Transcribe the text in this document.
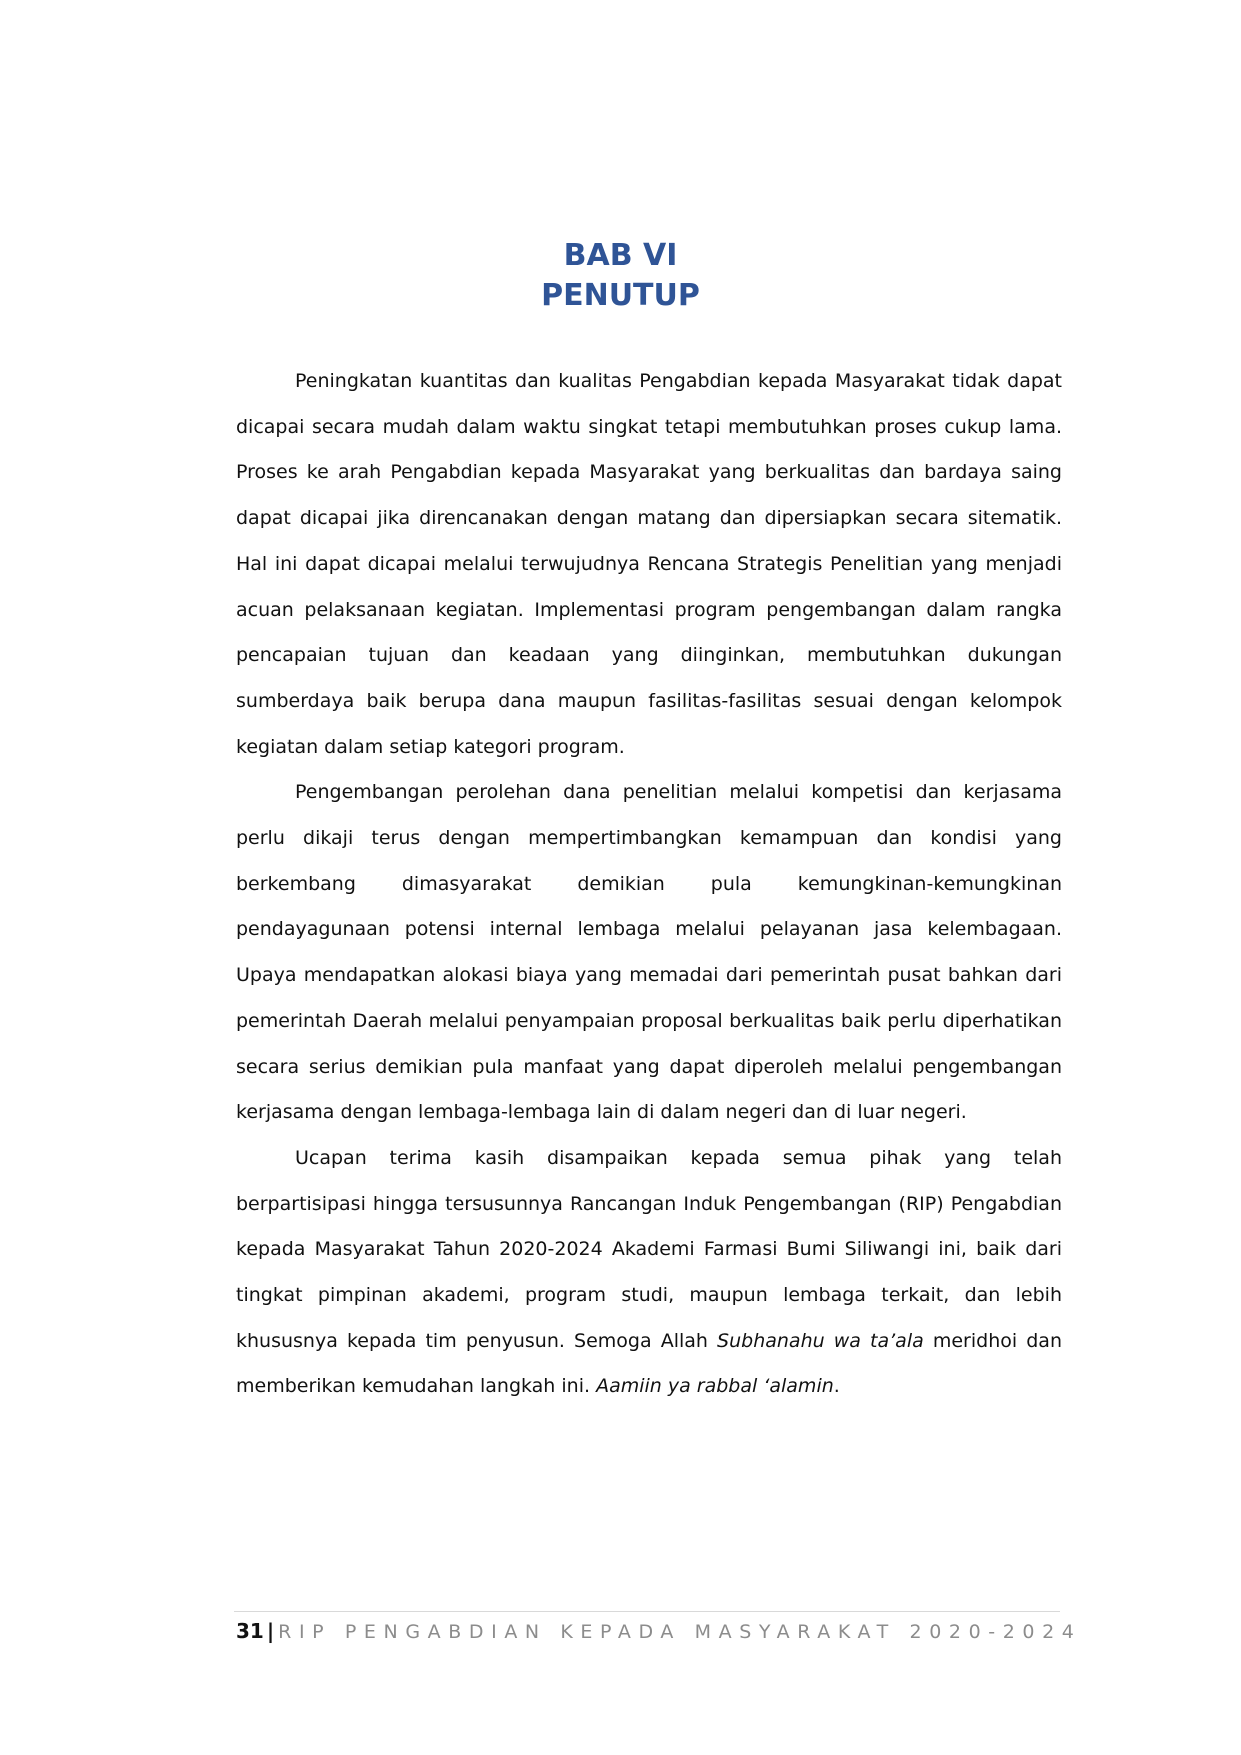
BAB VI
PENUTUP

Peningkatan kuantitas dan kualitas Pengabdian kepada Masyarakat tidak dapat dicapai secara mudah dalam waktu singkat tetapi membutuhkan proses cukup lama. Proses ke arah Pengabdian kepada Masyarakat yang berkualitas dan bardaya saing dapat dicapai jika direncanakan dengan matang dan dipersiapkan secara sitematik. Hal ini dapat dicapai melalui terwujudnya Rencana Strategis Penelitian yang menjadi acuan pelaksanaan kegiatan. Implementasi program pengembangan dalam rangka pencapaian tujuan dan keadaan yang diinginkan, membutuhkan dukungan sumberdaya baik berupa dana maupun fasilitas-fasilitas sesuai dengan kelompok kegiatan dalam setiap kategori program.

Pengembangan perolehan dana penelitian melalui kompetisi dan kerjasama perlu dikaji terus dengan mempertimbangkan kemampuan dan kondisi yang berkembang dimasyarakat demikian pula kemungkinan-kemungkinan pendayagunaan potensi internal lembaga melalui pelayanan jasa kelembagaan. Upaya mendapatkan alokasi biaya yang memadai dari pemerintah pusat bahkan dari pemerintah Daerah melalui penyampaian proposal berkualitas baik perlu diperhatikan secara serius demikian pula manfaat yang dapat diperoleh melalui pengembangan kerjasama dengan lembaga-lembaga lain di dalam negeri dan di luar negeri.

Ucapan terima kasih disampaikan kepada semua pihak yang telah berpartisipasi hingga tersusunnya Rancangan Induk Pengembangan (RIP) Pengabdian kepada Masyarakat Tahun 2020-2024 Akademi Farmasi Bumi Siliwangi ini, baik dari tingkat pimpinan akademi, program studi, maupun lembaga terkait, dan lebih khususnya kepada tim penyusun. Semoga Allah Subhanahu wa ta’ala meridhoi dan memberikan kemudahan langkah ini. Aamiin ya rabbal ‘alamin.

31 | RIP PENGABDIAN KEPADA MASYARAKAT 2020-2024
